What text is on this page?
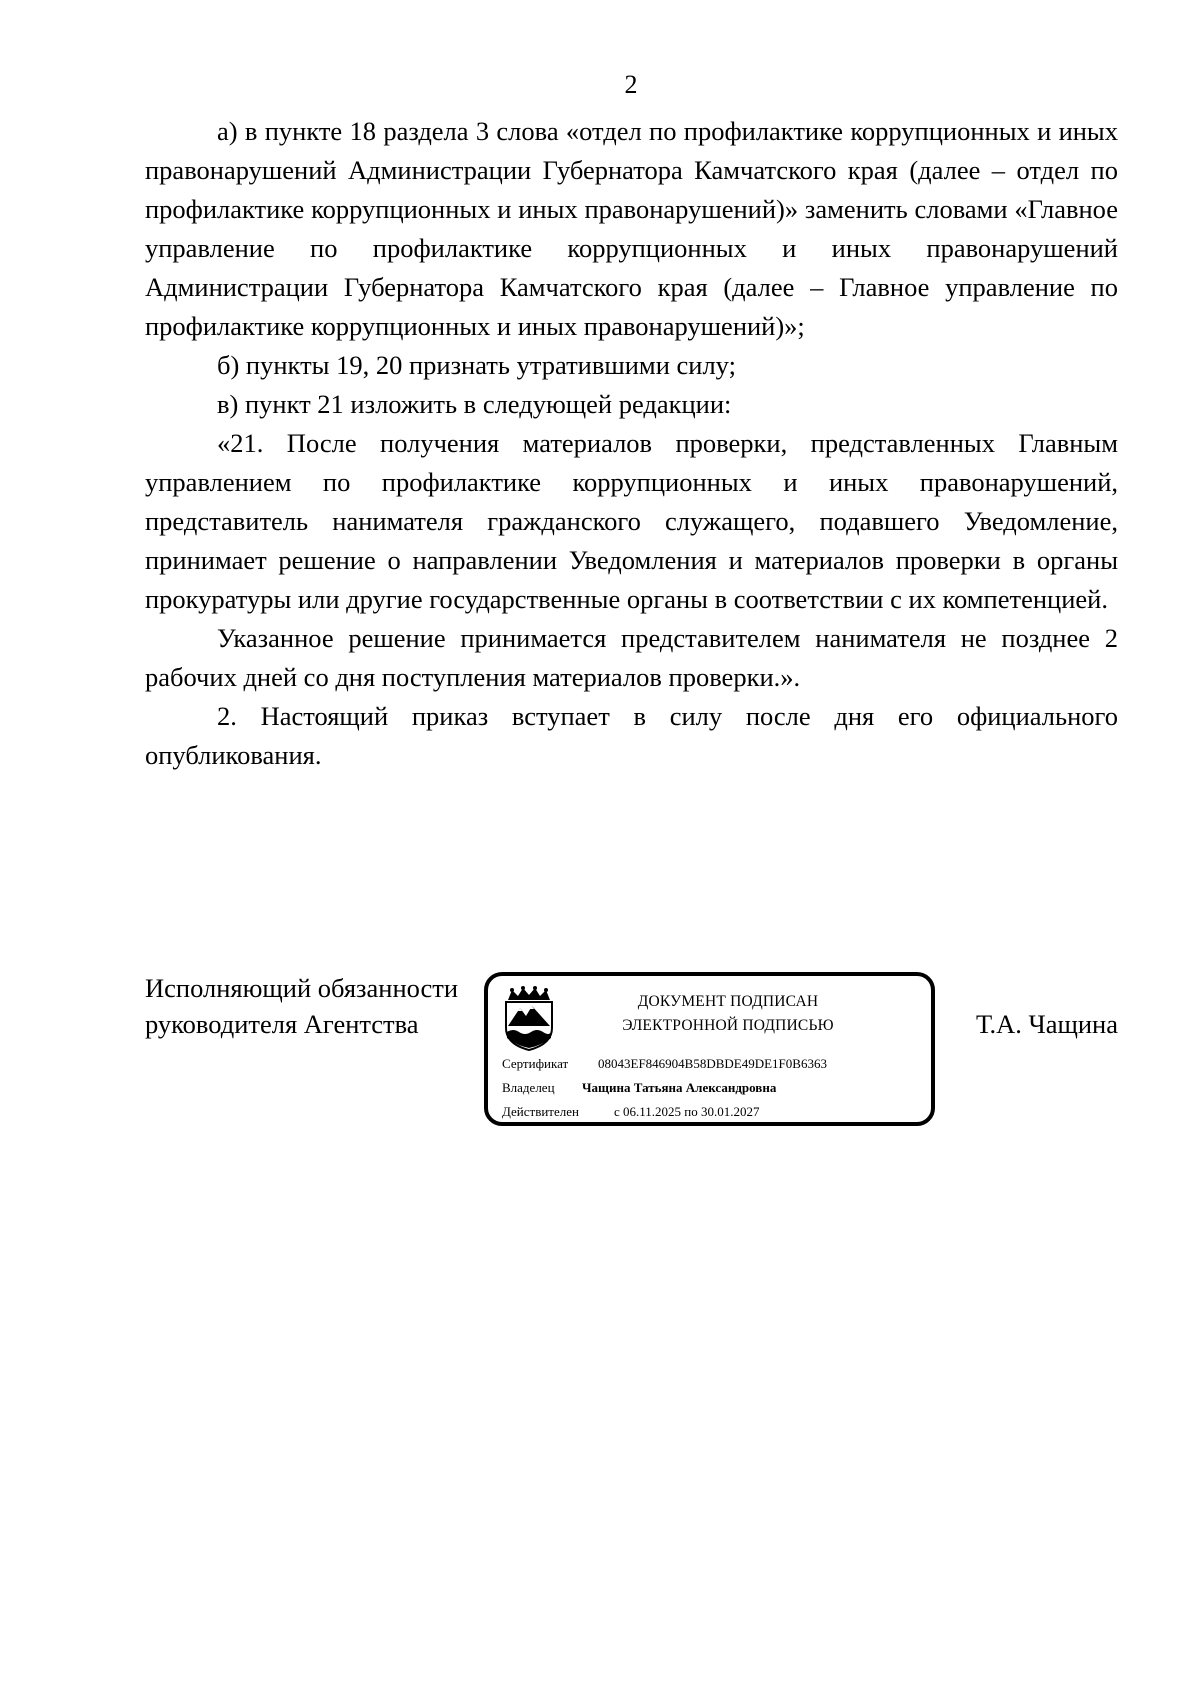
2

а) в пункте 18 раздела 3 слова «отдел по профилактике коррупционных и иных правонарушений Администрации Губернатора Камчатского края (далее – отдел по профилактике коррупционных и иных правонарушений)» заменить словами «Главное управление по профилактике коррупционных и иных правонарушений Администрации Губернатора Камчатского края (далее – Главное управление по профилактике коррупционных и иных правонарушений)»;

б) пункты 19, 20 признать утратившими силу;

в) пункт 21 изложить в следующей редакции:

«21. После получения материалов проверки, представленных Главным управлением по профилактике коррупционных и иных правонарушений, представитель нанимателя гражданского служащего, подавшего Уведомление, принимает решение о направлении Уведомления и материалов проверки в органы прокуратуры или другие государственные органы в соответствии с их компетенцией.

Указанное решение принимается представителем нанимателя не позднее 2 рабочих дней со дня поступления материалов проверки.».

2. Настоящий приказ вступает в силу после дня его официального опубликования.

Исполняющий обязанности
руководителя Агентства
ДОКУМЕНТ ПОДПИСАН
ЭЛЕКТРОННОЙ ПОДПИСЬЮ
Сертификат 08043EF846904B58DBDE49DE1F0B6363
Владелец Чащина Татьяна Александровна
Действителен	с 06.11.2025 по 30.01.2027
Т.А. Чащина
